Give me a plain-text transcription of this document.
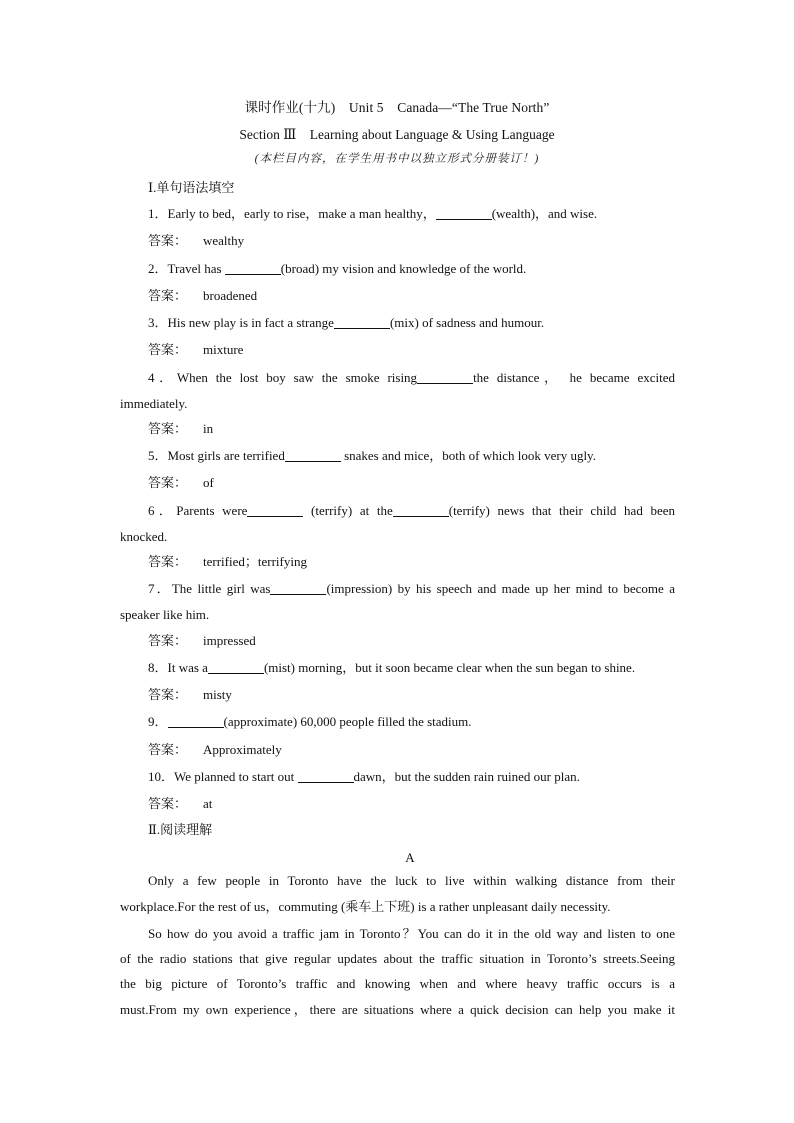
课时作业(十九)　Unit 5　Canada—“The True North”
Section Ⅲ　Learning about Language & Using Language
(本栏目内容，在学生用书中以独立形式分册装订！)
Ⅰ.单句语法填空
1．Early to bed，early to rise，make a man healthy，	(wealth)，and wise.
答案： wealthy
2．Travel has	(broad) my vision and knowledge of the world.
答案： broadened
3．His new play is in fact a strange	(mix) of sadness and humour.
答案： mixture
4．When the lost boy saw the smoke rising	the distance， he became excited
immediately.
答案： in
5．Most girls are terrified	snakes and mice，both of which look very ugly.
答案： of
6．Parents were	(terrify) at the	(terrify) news that their child had been
knocked.
答案： terrified；terrifying
7．The little girl was	(impression) by his speech and made up her mind to become a
speaker like him.
答案： impressed
8．It was a	(mist) morning，but it soon became clear when the sun began to shine.
答案： misty
9．	(approximate) 60,000 people filled the stadium.
答案： Approximately
10．We planned to start out	dawn，but the sudden rain ruined our plan.
答案： at
Ⅱ.阅读理解
A
Only a few people in Toronto have the luck to live within walking distance from their
workplace.For the rest of us，commuting (乘车上下班) is a rather unpleasant daily necessity.
So how do you avoid a traffic jam in Toronto？You can do it in the old way and listen to one
of the radio stations that give regular updates about the traffic situation in Toronto’s streets.Seeing
the big picture of Toronto’s traffic and knowing when and where heavy traffic occurs is a
must.From my own experience，there are situations where a quick decision can help you make it
